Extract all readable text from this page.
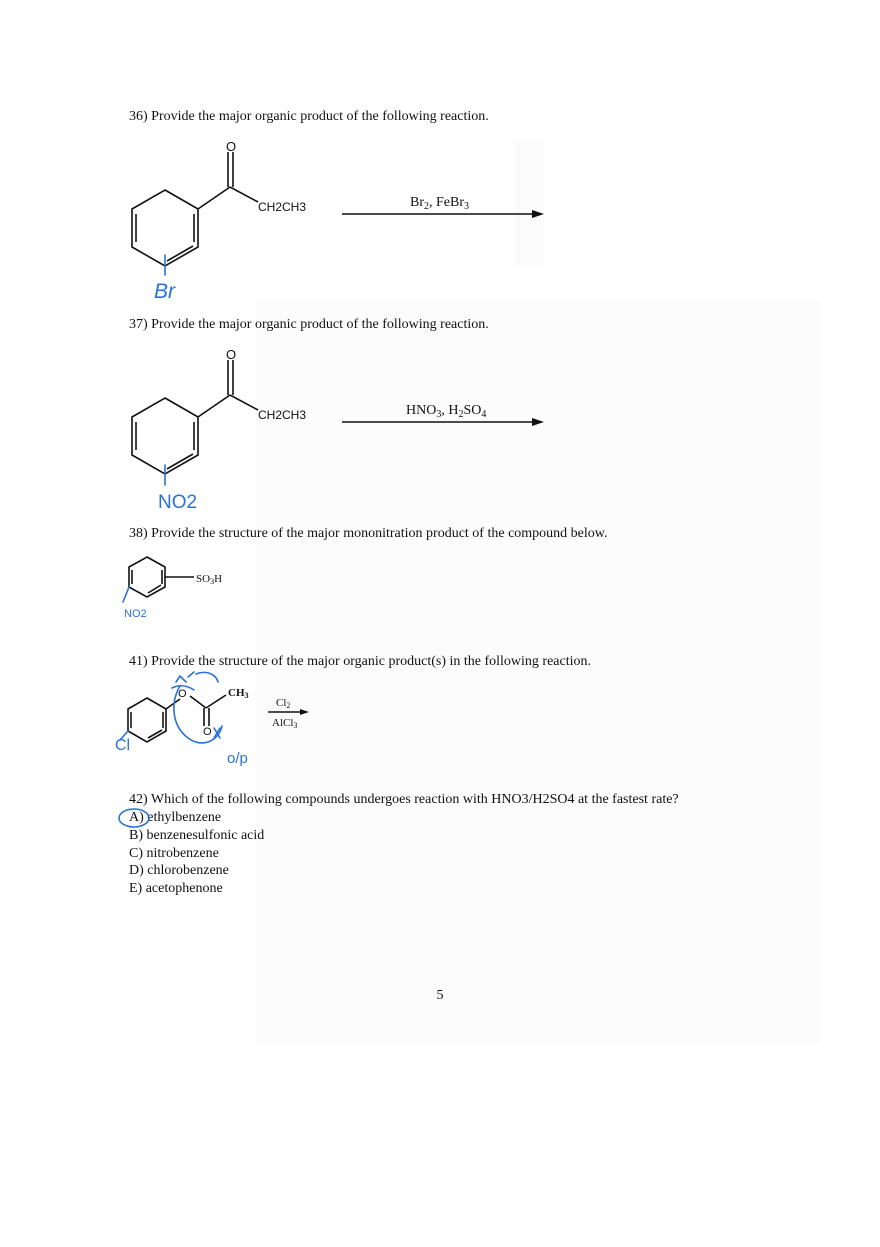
36) Provide the major organic product of the following reaction.
O
CH2CH3	$Br_2$, FeBr$_3$
Br
37) Provide the major organic product of the following reaction.
O
CH2CH3	$HNO_3$, $H_2SO_4$
NO2
38) Provide the structure of the major mononitration product of the compound below.
SO3H
NO2
41) Provide the structure of the major organic product(s) in the following reaction.
O
O
CH3
Cl2
AlCl3
Cl
o/p
42) Which of the following compounds undergoes reaction with HNO3/H2SO4 at the fastest rate?
A) ethylbenzene
B) benzenesulfonic acid
C) nitrobenzene
D) chlorobenzene
E) acetophenone
5
